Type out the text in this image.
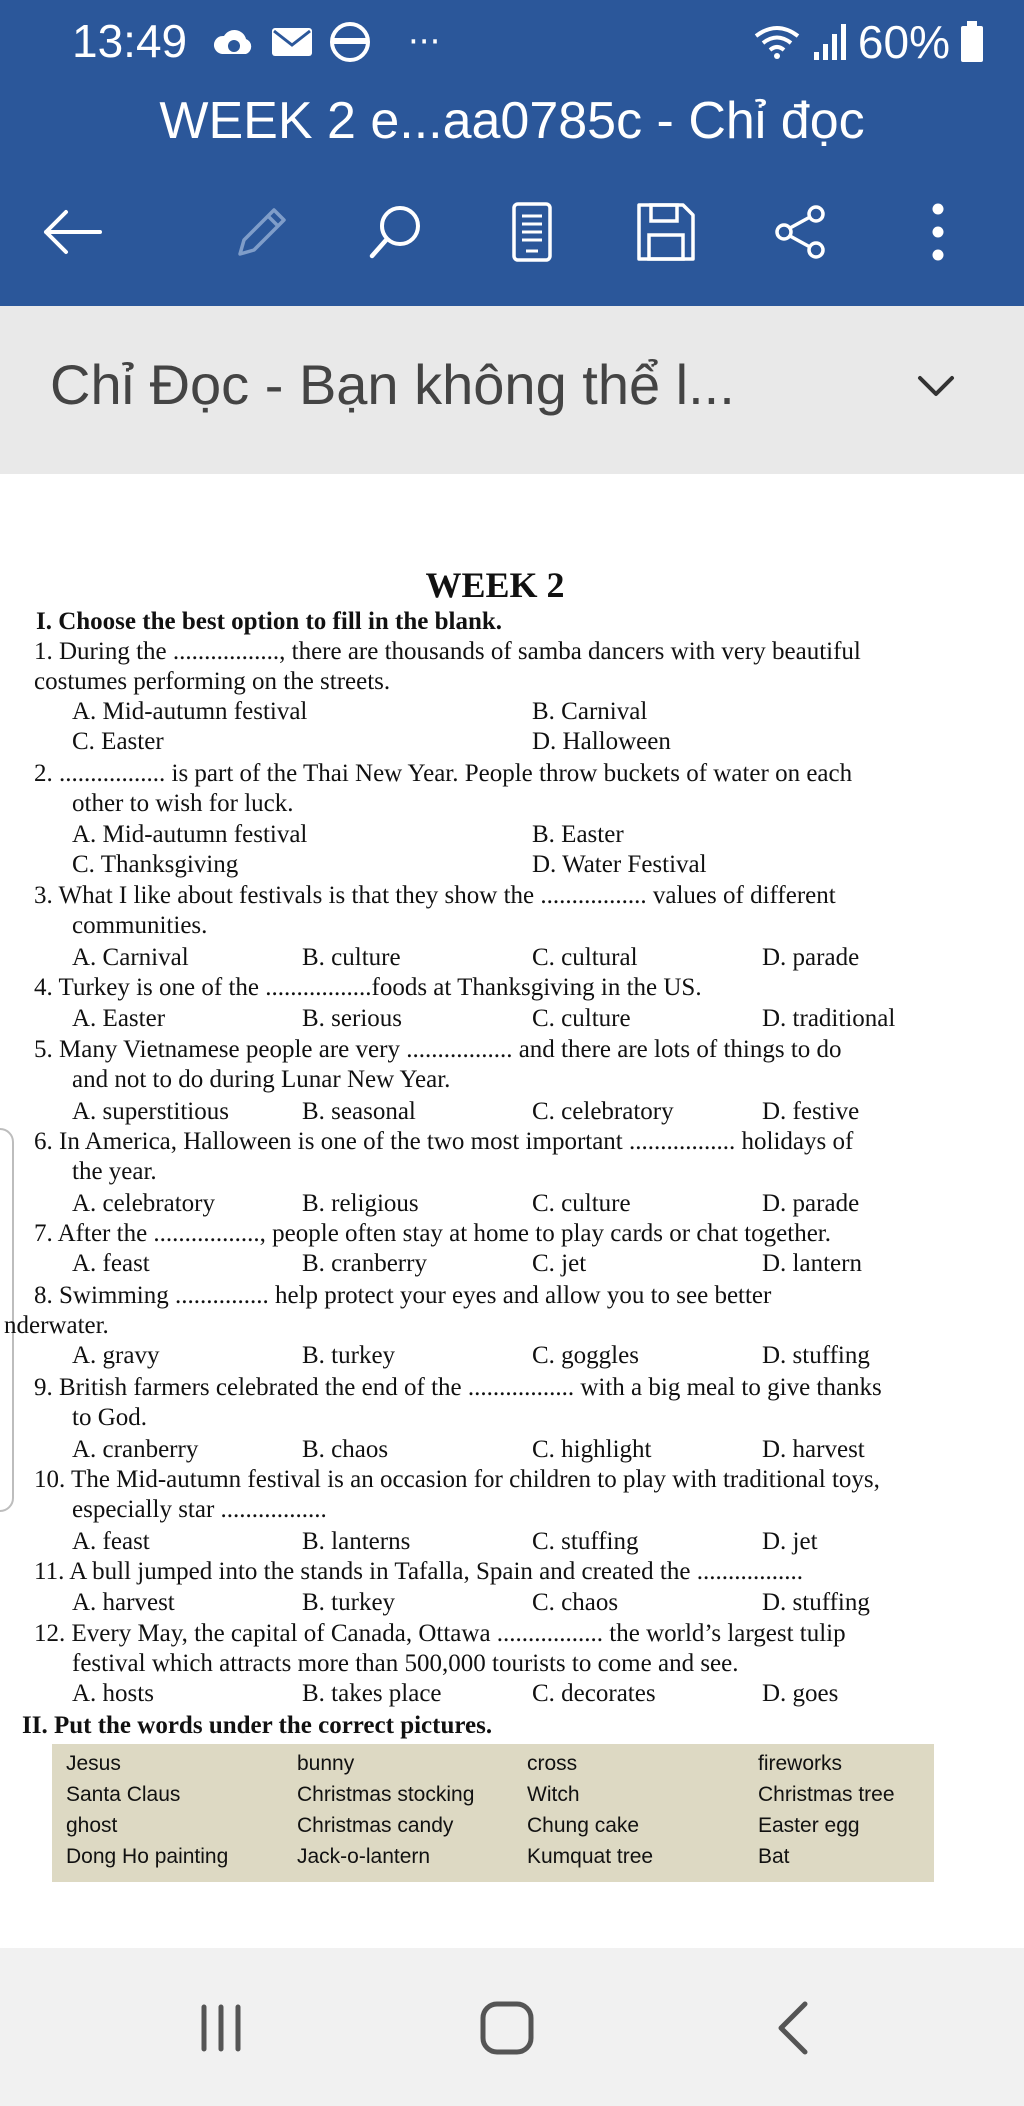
13:49	···	60%
WEEK 2 e...aa0785c - Chỉ đọc
Chỉ Đọc - Bạn không thể l...
WEEK 2
I. Choose the best option to fill in the blank.
1. During the ................., there are thousands of samba dancers with very beautiful
costumes performing on the streets.
A. Mid-autumn festival	B. Carnival
C. Easter	D. Halloween
2. ................. is part of the Thai New Year. People throw buckets of water on each
other to wish for luck.
A. Mid-autumn festival	B. Easter
C. Thanksgiving	D. Water Festival
3. What I like about festivals is that they show the ................. values of different
communities.
A. Carnival	B. culture	C. cultural	D. parade
4. Turkey is one of the .................foods at Thanksgiving in the US.
A. Easter	B. serious	C. culture	D. traditional
5. Many Vietnamese people are very ................. and there are lots of things to do
and not to do during Lunar New Year.
A. superstitious	B. seasonal	C. celebratory	D. festive
6. In America, Halloween is one of the two most important ................. holidays of
the year.
A. celebratory	B. religious	C. culture	D. parade
7. After the ................., people often stay at home to play cards or chat together.
A. feast	B. cranberry	C. jet	D. lantern
8. Swimming ............... help protect your eyes and allow you to see better
nderwater.
A. gravy	B. turkey	C. goggles	D. stuffing
9. British farmers celebrated the end of the ................. with a big meal to give thanks
to God.
A. cranberry	B. chaos	C. highlight	D. harvest
10. The Mid-autumn festival is an occasion for children to play with traditional toys,
especially star .................
A. feast	B. lanterns	C. stuffing	D. jet
11. A bull jumped into the stands in Tafalla, Spain and created the .................
A. harvest	B. turkey	C. chaos	D. stuffing
12. Every May, the capital of Canada, Ottawa ................. the world’s largest tulip
festival which attracts more than 500,000 tourists to come and see.
A. hosts	B. takes place	C. decorates	D. goes
II. Put the words under the correct pictures.
Jesus	bunny	cross	fireworks
Santa Claus	Christmas stocking	Witch	Christmas tree
ghost	Christmas candy	Chung cake	Easter egg
Dong Ho painting	Jack-o-lantern	Kumquat tree	Bat
